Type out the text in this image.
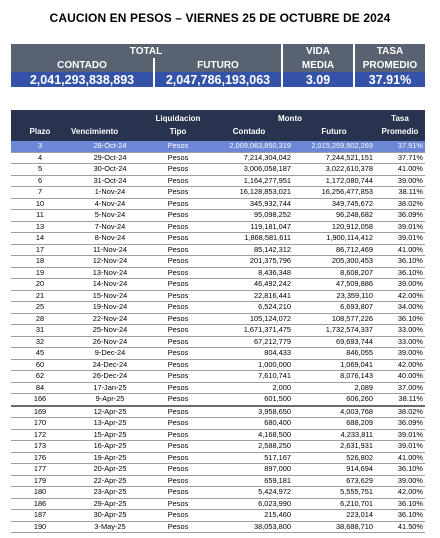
CAUCION EN PESOS – VIERNES 25 DE OCTUBRE DE 2024
TOTAL		VIDA	TASA
CONTADO	FUTURO	MEDIA	PROMEDIO
2,041,293,838,893	2,047,786,193,063	3.09	37.91%
		Liquidacion	Monto		Tasa
Plazo	Vencimiento	Tipo	Contado	Futuro	Promedio
3	28-Oct-24	Pesos	2,009,063,850,319	2,015,259,502,269	37.91%
4	29-Oct-24	Pesos	7,214,304,042	7,244,521,151	37.71%
5	30-Oct-24	Pesos	3,006,058,187	3,022,610,378	41.00%
6	31-Oct-24	Pesos	1,164,277,951	1,172,080,744	39.00%
7	1-Nov-24	Pesos	16,128,853,021	16,256,477,853	38.11%
10	4-Nov-24	Pesos	345,932,744	349,745,672	38.02%
11	5-Nov-24	Pesos	95,098,252	96,248,682	36.09%
13	7-Nov-24	Pesos	119,181,047	120,912,058	39.01%
14	8-Nov-24	Pesos	1,868,581,611	1,900,114,412	39.01%
17	11-Nov-24	Pesos	85,142,312	86,712,469	41.00%
18	12-Nov-24	Pesos	201,375,796	205,300,453	36.10%
19	13-Nov-24	Pesos	8,436,348	8,608,207	36.10%
20	14-Nov-24	Pesos	46,492,242	47,509,886	39.00%
21	15-Nov-24	Pesos	22,816,441	23,359,110	42.00%
25	19-Nov-24	Pesos	6,524,210	6,693,807	34.00%
28	22-Nov-24	Pesos	105,124,072	108,577,226	36.10%
31	25-Nov-24	Pesos	1,671,371,475	1,732,574,337	33.00%
32	26-Nov-24	Pesos	67,212,779	69,693,744	33.00%
45	9-Dec-24	Pesos	804,433	846,055	39.00%
60	24-Dec-24	Pesos	1,000,000	1,069,041	42.00%
62	26-Dec-24	Pesos	7,610,741	8,076,143	40.00%
84	17-Jan-25	Pesos	2,000	2,089	37.00%
166	9-Apr-25	Pesos	601,500	606,260	38.11%
169	12-Apr-25	Pesos	3,958,650	4,003,768	38.02%
170	13-Apr-25	Pesos	680,400	688,209	36.09%
172	15-Apr-25	Pesos	4,168,500	4,233,811	39.01%
173	16-Apr-25	Pesos	2,588,250	2,631,931	39.01%
176	19-Apr-25	Pesos	517,167	526,802	41.00%
177	20-Apr-25	Pesos	897,000	914,694	36.10%
179	22-Apr-25	Pesos	659,181	673,629	39.00%
180	23-Apr-25	Pesos	5,424,972	5,555,751	42.00%
186	29-Apr-25	Pesos	6,023,990	6,210,701	36.10%
187	30-Apr-25	Pesos	215,460	223,014	36.10%
190	3-May-25	Pesos	38,053,800	38,688,710	41.50%
